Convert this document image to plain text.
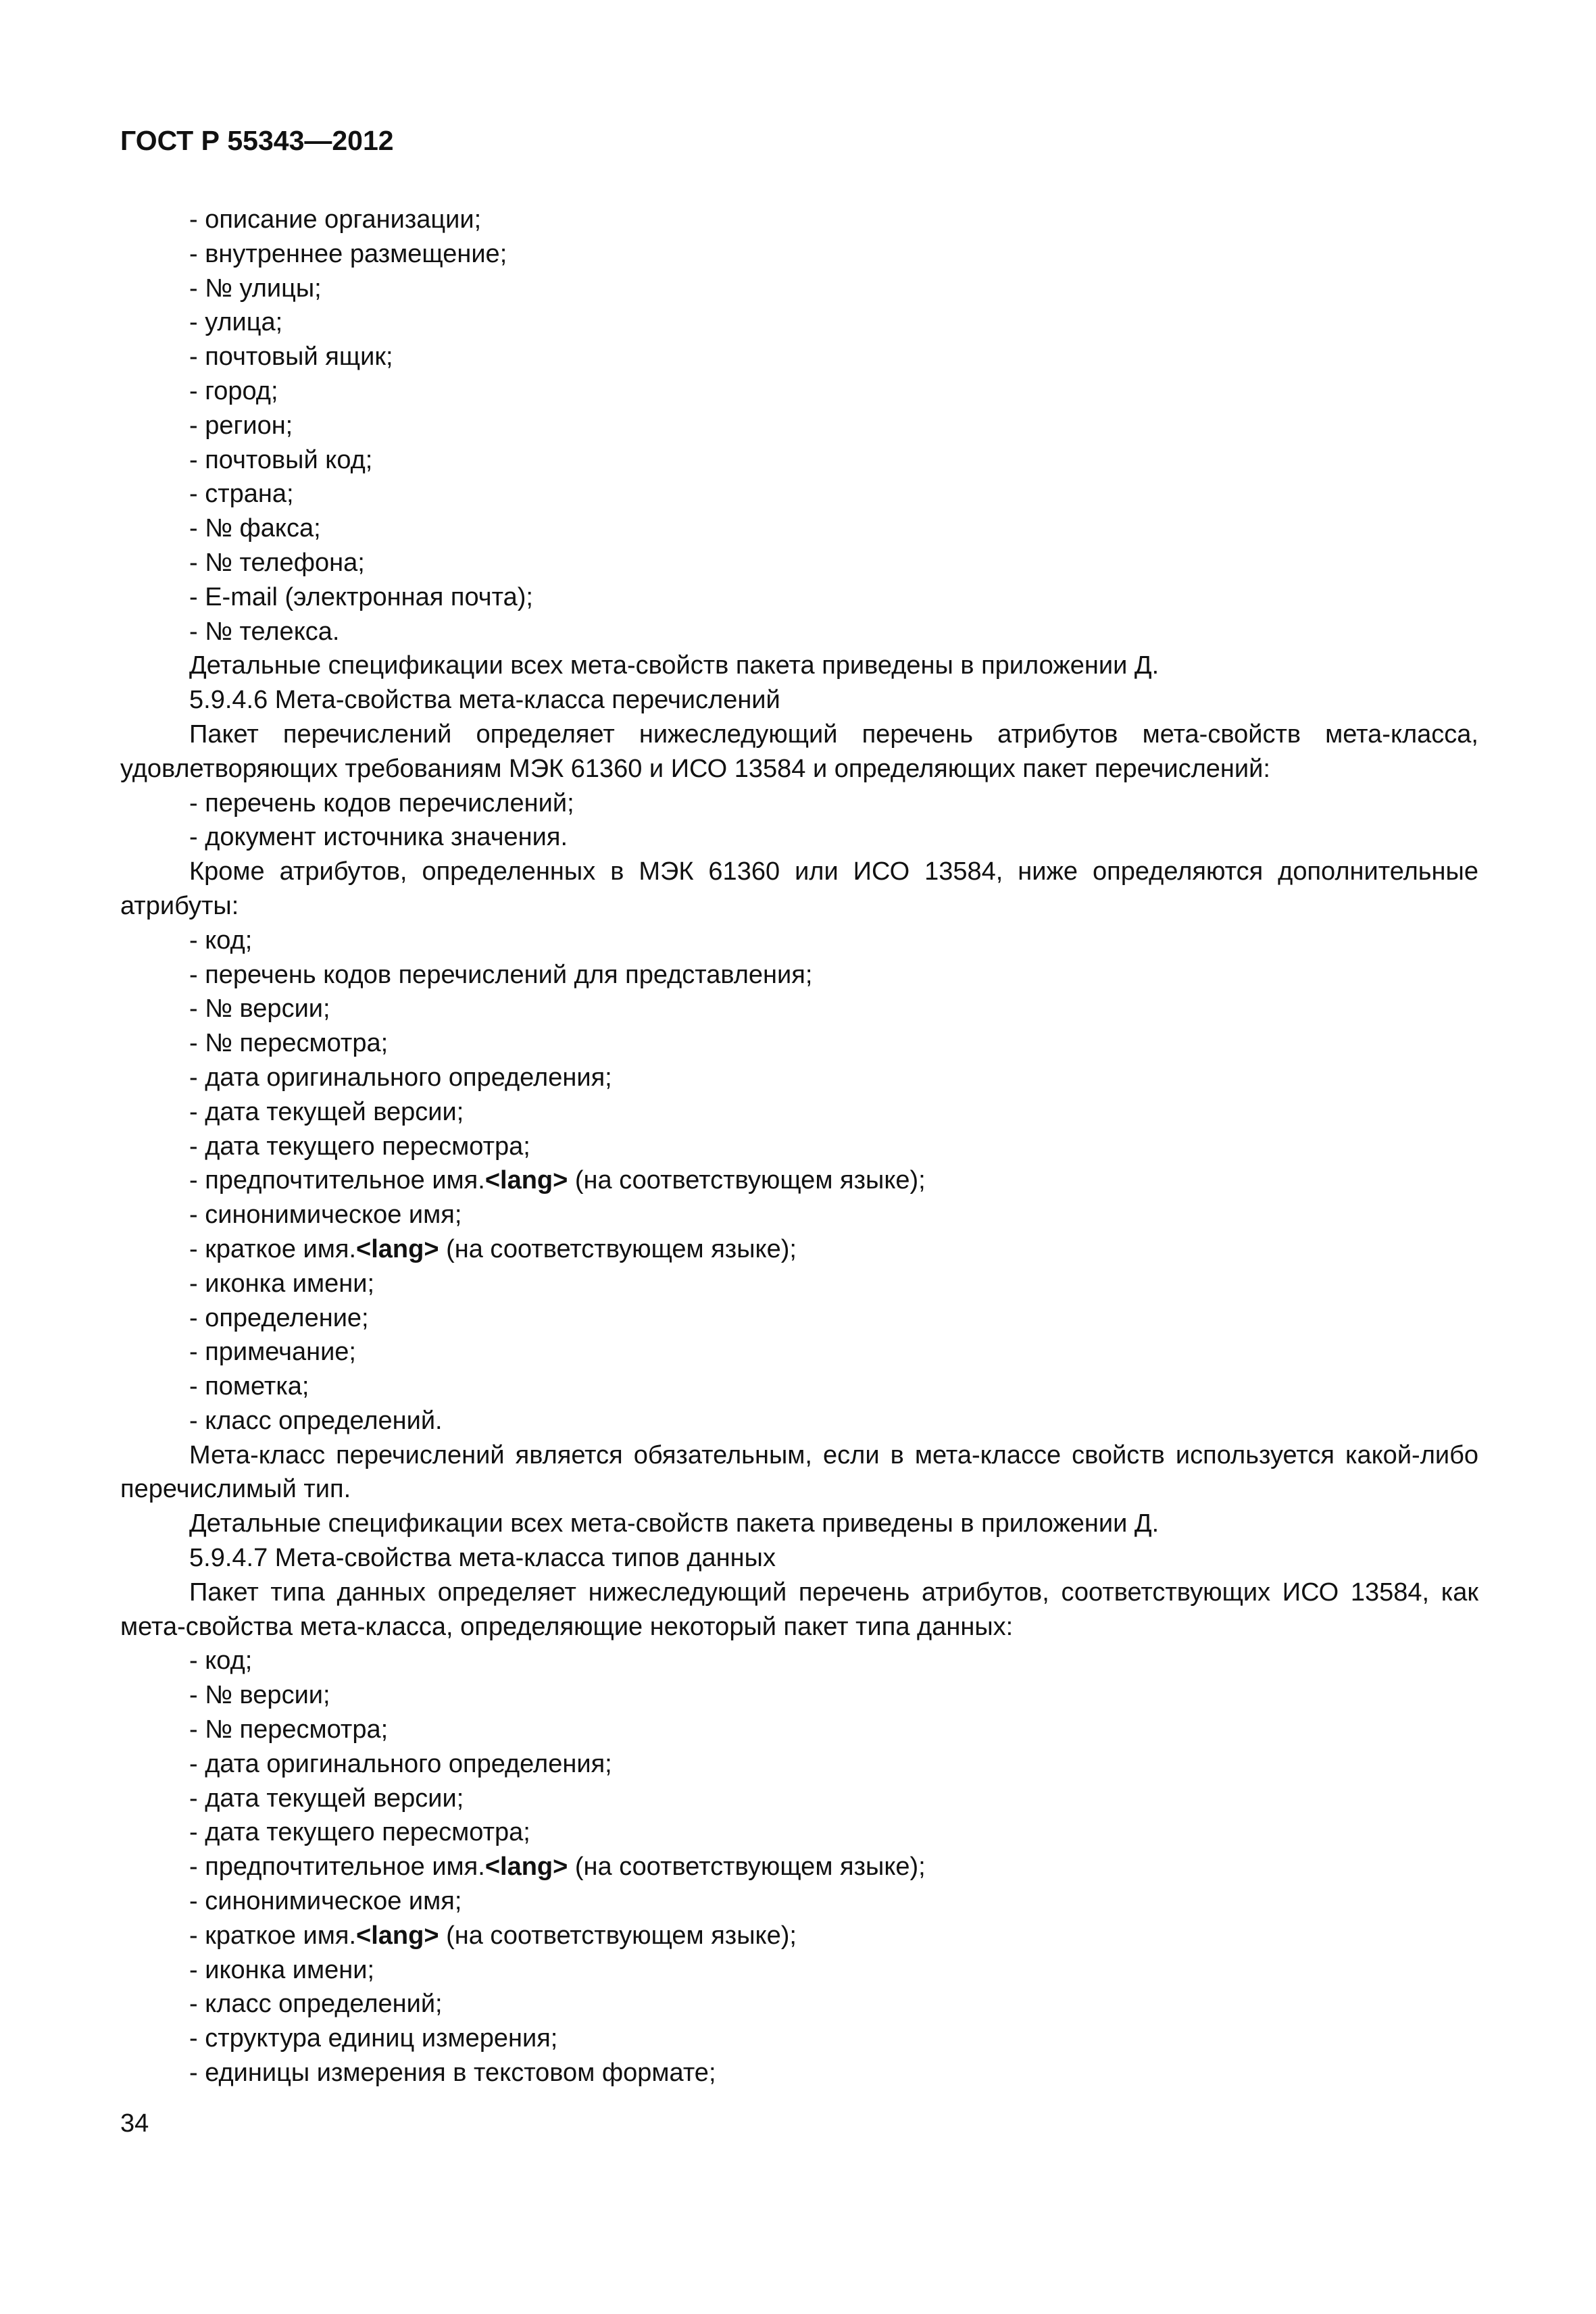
ГОСТ Р 55343—2012
- описание организации;
- внутреннее размещение;
- № улицы;
- улица;
- почтовый ящик;
- город;
- регион;
- почтовый код;
- страна;
- № факса;
- № телефона;
- E-mail (электронная почта);
- № телекса.
Детальные спецификации всех мета-свойств пакета приведены в приложении Д.
5.9.4.6 Мета-свойства мета-класса перечислений
Пакет перечислений определяет нижеследующий перечень атрибутов мета-свойств мета-класса, удовлетворяющих требованиям МЭК 61360 и ИСО 13584 и определяющих пакет перечислений:
- перечень кодов перечислений;
- документ источника значения.
Кроме атрибутов, определенных в МЭК 61360 или ИСО 13584, ниже определяются дополнительные атрибуты:
- код;
- перечень кодов перечислений для представления;
- № версии;
- № пересмотра;
- дата оригинального определения;
- дата текущей версии;
- дата текущего пересмотра;
- предпочтительное имя.<lang> (на соответствующем языке);
- синонимическое имя;
- краткое имя.<lang> (на соответствующем языке);
- иконка имени;
- определение;
- примечание;
- пометка;
- класс определений.
Мета-класс перечислений является обязательным, если в мета-классе свойств используется какой-либо перечислимый тип.
Детальные спецификации всех мета-свойств пакета приведены в приложении Д.
5.9.4.7 Мета-свойства мета-класса типов данных
Пакет типа данных определяет нижеследующий перечень атрибутов, соответствующих ИСО 13584, как мета-свойства мета-класса, определяющие некоторый пакет типа данных:
- код;
- № версии;
- № пересмотра;
- дата оригинального определения;
- дата текущей версии;
- дата текущего пересмотра;
- предпочтительное имя.<lang> (на соответствующем языке);
- синонимическое имя;
- краткое имя.<lang> (на соответствующем языке);
- иконка имени;
- класс определений;
- структура единиц измерения;
- единицы измерения в текстовом формате;
34
